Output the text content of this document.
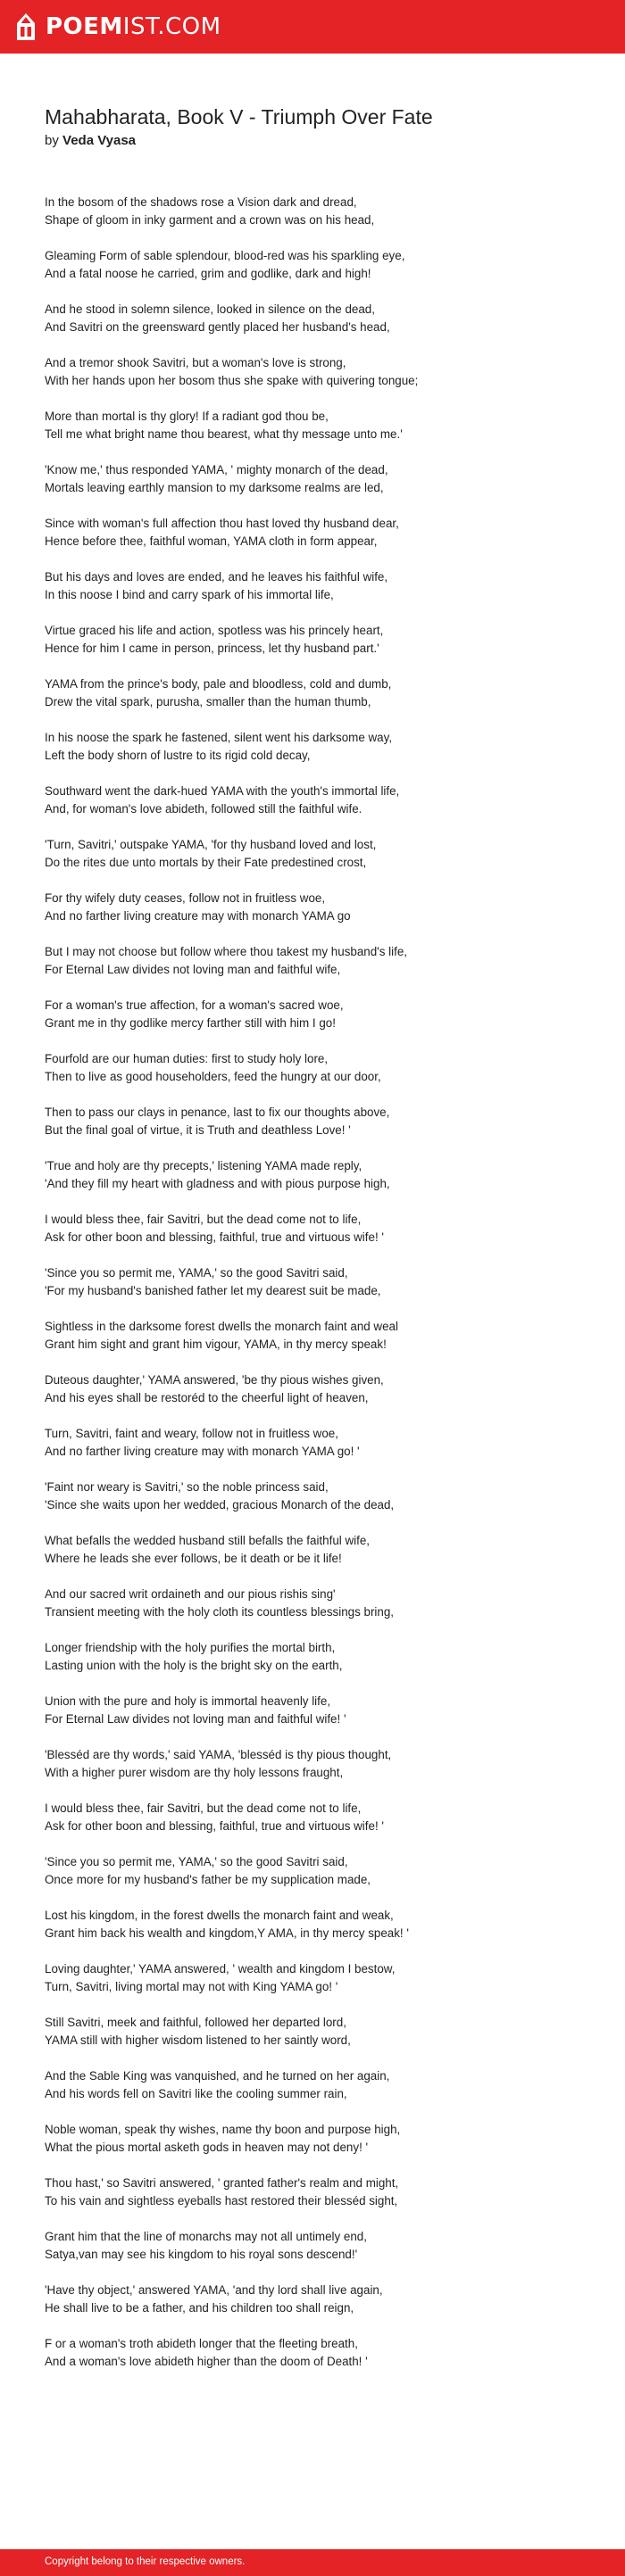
POEMIST.COM
Mahabharata, Book V - Triumph Over Fate
by Veda Vyasa

In the bosom of the shadows rose a Vision dark and dread,
Shape of gloom in inky garment and a crown was on his head,

Gleaming Form of sable splendour, blood-red was his sparkling eye,
And a fatal noose he carried, grim and godlike, dark and high!

And he stood in solemn silence, looked in silence on the dead,
And Savitri on the greensward gently placed her husband's head,

And a tremor shook Savitri, but a woman's love is strong,
With her hands upon her bosom thus she spake with quivering tongue;

More than mortal is thy glory! If a radiant god thou be,
Tell me what bright name thou bearest, what thy message unto me.'

'Know me,' thus responded YAMA, ' mighty monarch of the dead,
Mortals leaving earthly mansion to my darksome realms are led,

Since with woman's full affection thou hast loved thy husband dear,
Hence before thee, faithful woman, YAMA cloth in form appear,

But his days and loves are ended, and he leaves his faithful wife,
In this noose I bind and carry spark of his immortal life,

Virtue graced his life and action, spotless was his princely heart,
Hence for him I came in person, princess, let thy husband part.'

YAMA from the prince's body, pale and bloodless, cold and dumb,
Drew the vital spark, purusha, smaller than the human thumb,

In his noose the spark he fastened, silent went his darksome way,
Left the body shorn of lustre to its rigid cold decay,

Southward went the dark-hued YAMA with the youth's immortal life,
And, for woman's love abideth, followed still the faithful wife.

'Turn, Savitri,' outspake YAMA, 'for thy husband loved and lost,
Do the rites due unto mortals by their Fate predestined crost,

For thy wifely duty ceases, follow not in fruitless woe,
And no farther living creature may with monarch YAMA go

But I may not choose but follow where thou takest my husband's life,
For Eternal Law divides not loving man and faithful wife,

For a woman's true affection, for a woman's sacred woe,
Grant me in thy godlike mercy farther still with him I go!

Fourfold are our human duties: first to study holy lore,
Then to live as good householders, feed the hungry at our door,

Then to pass our clays in penance, last to fix our thoughts above,
But the final goal of virtue, it is Truth and deathless Love! '

'True and holy are thy precepts,' listening YAMA made reply,
'And they fill my heart with gladness and with pious purpose high,

I would bless thee, fair Savitri, but the dead come not to life,
Ask for other boon and blessing, faithful, true and virtuous wife! '

'Since you so permit me, YAMA,' so the good Savitri said,
'For my husband's banished father let my dearest suit be made,

Sightless in the darksome forest dwells the monarch faint and weal
Grant him sight and grant him vigour, YAMA, in thy mercy speak!

Duteous daughter,' YAMA answered, 'be thy pious wishes given,
And his eyes shall be restoréd to the cheerful light of heaven,

Turn, Savitri, faint and weary, follow not in fruitless woe,
And no farther living creature may with monarch YAMA go! '

'Faint nor weary is Savitri,' so the noble princess said,
'Since she waits upon her wedded, gracious Monarch of the dead,

What befalls the wedded husband still befalls the faithful wife,
Where he leads she ever follows, be it death or be it life!

And our sacred writ ordaineth and our pious rishis sing'
Transient meeting with the holy cloth its countless blessings bring,

Longer friendship with the holy purifies the mortal birth,
Lasting union with the holy is the bright sky on the earth,

Union with the pure and holy is immortal heavenly life,
For Eternal Law divides not loving man and faithful wife! '

'Blesséd are thy words,' said YAMA, 'blesséd is thy pious thought,
With a higher purer wisdom are thy holy lessons fraught,

I would bless thee, fair Savitri, but the dead come not to life,
Ask for other boon and blessing, faithful, true and virtuous wife! '

'Since you so permit me, YAMA,' so the good Savitri said,
Once more for my husband's father be my supplication made,

Lost his kingdom, in the forest dwells the monarch faint and weak,
Grant him back his wealth and kingdom,Y AMA, in thy mercy speak! '

Loving daughter,' YAMA answered, ' wealth and kingdom I bestow,
Turn, Savitri, living mortal may not with King YAMA go! '

Still Savitri, meek and faithful, followed her departed lord,
YAMA still with higher wisdom listened to her saintly word,

And the Sable King was vanquished, and he turned on her again,
And his words fell on Savitri like the cooling summer rain,

Noble woman, speak thy wishes, name thy boon and purpose high,
What the pious mortal asketh gods in heaven may not deny! '

Thou hast,' so Savitri answered, ' granted father's realm and might,
To his vain and sightless eyeballs hast restored their blesséd sight,

Grant him that the line of monarchs may not all untimely end,
Satya,van may see his kingdom to his royal sons descend!'

'Have thy object,' answered YAMA, 'and thy lord shall live again,
He shall live to be a father, and his children too shall reign,

F or a woman's troth abideth longer that the fleeting breath,
And a woman's love abideth higher than the doom of Death! '

Copyright belong to their respective owners.
